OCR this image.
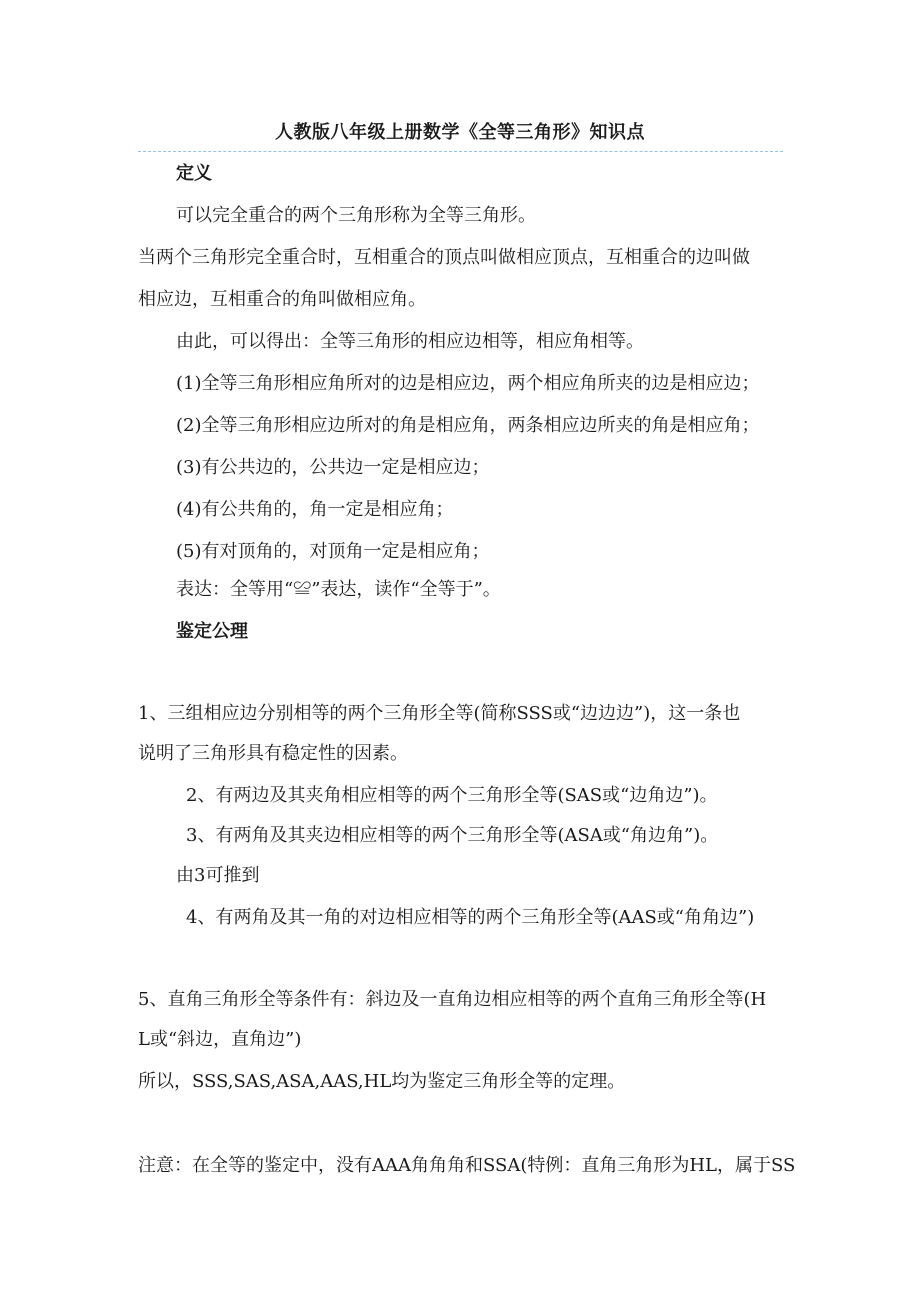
人教版八年级上册数学《全等三角形》知识点
定义
可以完全重合的两个三角形称为全等三角形。
当两个三角形完全重合时，互相重合的顶点叫做相应顶点，互相重合的边叫做
相应边，互相重合的角叫做相应角。
由此，可以得出：全等三角形的相应边相等，相应角相等。
(1)全等三角形相应角所对的边是相应边，两个相应角所夹的边是相应边；
(2)全等三角形相应边所对的角是相应角，两条相应边所夹的角是相应角；
(3)有公共边的，公共边一定是相应边；
(4)有公共角的，角一定是相应角；
(5)有对顶角的，对顶角一定是相应角；
表达：全等用“≌”表达，读作“全等于”。
鉴定公理
1、三组相应边分别相等的两个三角形全等(简称SSS或“边边边”)，这一条也
说明了三角形具有稳定性的因素。
2、有两边及其夹角相应相等的两个三角形全等(SAS或“边角边”)。
3、有两角及其夹边相应相等的两个三角形全等(ASA或“角边角”)。
由3可推到
4、有两角及其一角的对边相应相等的两个三角形全等(AAS或“角角边”)
5、直角三角形全等条件有：斜边及一直角边相应相等的两个直角三角形全等(H
L或“斜边，直角边”)
所以，SSS,SAS,ASA,AAS,HL均为鉴定三角形全等的定理。
注意：在全等的鉴定中，没有AAA角角角和SSA(特例：直角三角形为HL，属于SS
